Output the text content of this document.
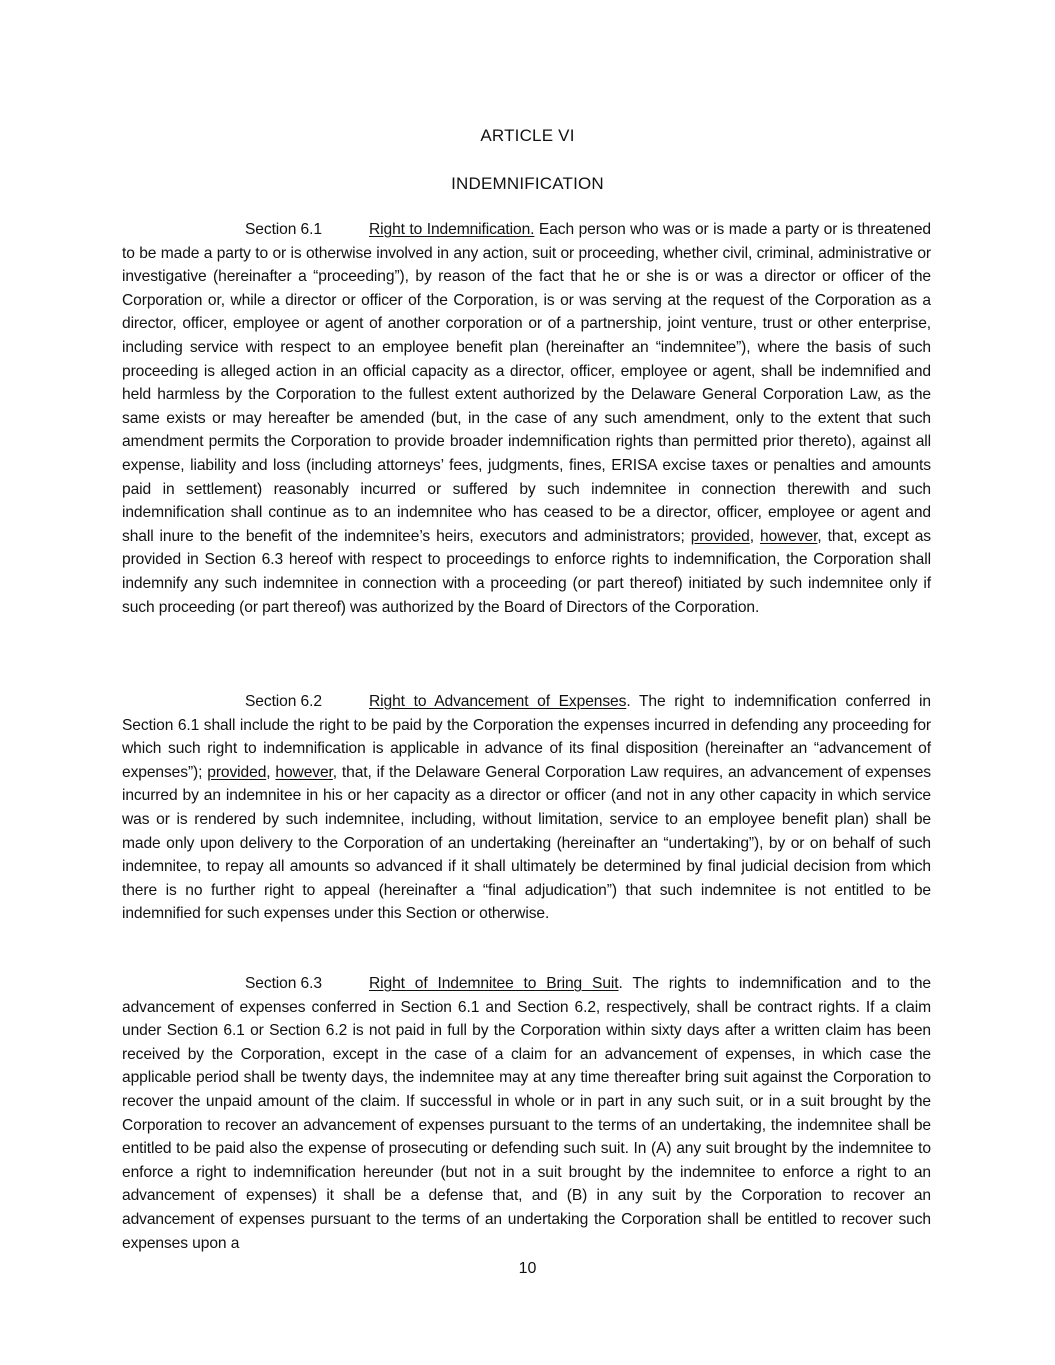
ARTICLE VI
INDEMNIFICATION
Section 6.1	Right to Indemnification. Each person who was or is made a party or is threatened to be made a party to or is otherwise involved in any action, suit or proceeding, whether civil, criminal, administrative or investigative (hereinafter a “proceeding”), by reason of the fact that he or she is or was a director or officer of the Corporation or, while a director or officer of the Corporation, is or was serving at the request of the Corporation as a director, officer, employee or agent of another corporation or of a partnership, joint venture, trust or other enterprise, including service with respect to an employee benefit plan (hereinafter an “indemnitee”), where the basis of such proceeding is alleged action in an official capacity as a director, officer, employee or agent, shall be indemnified and held harmless by the Corporation to the fullest extent authorized by the Delaware General Corporation Law, as the same exists or may hereafter be amended (but, in the case of any such amendment, only to the extent that such amendment permits the Corporation to provide broader indemnification rights than permitted prior thereto), against all expense, liability and loss (including attorneys’ fees, judgments, fines, ERISA excise taxes or penalties and amounts paid in settlement) reasonably incurred or suffered by such indemnitee in connection therewith and such indemnification shall continue as to an indemnitee who has ceased to be a director, officer, employee or agent and shall inure to the benefit of the indemnitee’s heirs, executors and administrators; provided, however, that, except as provided in Section 6.3 hereof with respect to proceedings to enforce rights to indemnification, the Corporation shall indemnify any such indemnitee in connection with a proceeding (or part thereof) initiated by such indemnitee only if such proceeding (or part thereof) was authorized by the Board of Directors of the Corporation.
Section 6.2	Right to Advancement of Expenses. The right to indemnification conferred in Section 6.1 shall include the right to be paid by the Corporation the expenses incurred in defending any proceeding for which such right to indemnification is applicable in advance of its final disposition (hereinafter an “advancement of expenses”); provided, however, that, if the Delaware General Corporation Law requires, an advancement of expenses incurred by an indemnitee in his or her capacity as a director or officer (and not in any other capacity in which service was or is rendered by such indemnitee, including, without limitation, service to an employee benefit plan) shall be made only upon delivery to the Corporation of an undertaking (hereinafter an “undertaking”), by or on behalf of such indemnitee, to repay all amounts so advanced if it shall ultimately be determined by final judicial decision from which there is no further right to appeal (hereinafter a “final adjudication”) that such indemnitee is not entitled to be indemnified for such expenses under this Section or otherwise.
Section 6.3	Right of Indemnitee to Bring Suit. The rights to indemnification and to the advancement of expenses conferred in Section 6.1 and Section 6.2, respectively, shall be contract rights. If a claim under Section 6.1 or Section 6.2 is not paid in full by the Corporation within sixty days after a written claim has been received by the Corporation, except in the case of a claim for an advancement of expenses, in which case the applicable period shall be twenty days, the indemnitee may at any time thereafter bring suit against the Corporation to recover the unpaid amount of the claim. If successful in whole or in part in any such suit, or in a suit brought by the Corporation to recover an advancement of expenses pursuant to the terms of an undertaking, the indemnitee shall be entitled to be paid also the expense of prosecuting or defending such suit. In (A) any suit brought by the indemnitee to enforce a right to indemnification hereunder (but not in a suit brought by the indemnitee to enforce a right to an advancement of expenses) it shall be a defense that, and (B) in any suit by the Corporation to recover an advancement of expenses pursuant to the terms of an undertaking the Corporation shall be entitled to recover such expenses upon a
10
